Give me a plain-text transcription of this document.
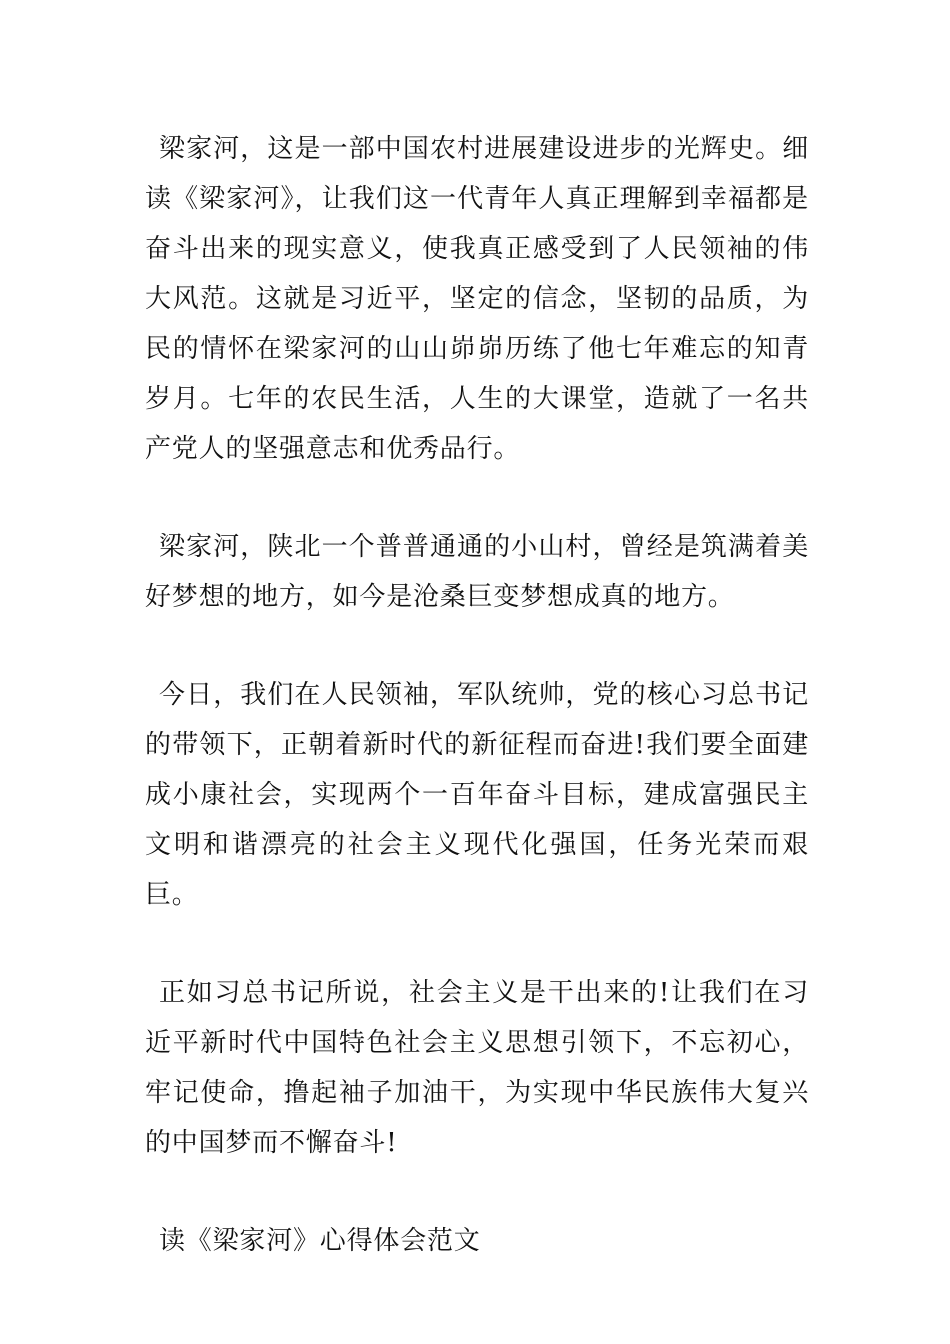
梁家河，这是一部中国农村进展建设进步的光辉史。细读《梁家河》，让我们这一代青年人真正理解到幸福都是奋斗出来的现实意义，使我真正感受到了人民领袖的伟大风范。这就是习近平，坚定的信念，坚韧的品质，为民的情怀在梁家河的山山峁峁历练了他七年难忘的知青岁月。七年的农民生活，人生的大课堂，造就了一名共产党人的坚强意志和优秀品行。

梁家河，陕北一个普普通通的小山村，曾经是筑满着美好梦想的地方，如今是沧桑巨变梦想成真的地方。

今日，我们在人民领袖，军队统帅，党的核心习总书记的带领下，正朝着新时代的新征程而奋进!我们要全面建成小康社会，实现两个一百年奋斗目标，建成富强民主文明和谐漂亮的社会主义现代化强国，任务光荣而艰巨。

正如习总书记所说，社会主义是干出来的!让我们在习近平新时代中国特色社会主义思想引领下，不忘初心，牢记使命，撸起袖子加油干，为实现中华民族伟大复兴的中国梦而不懈奋斗!

读《梁家河》心得体会范文
